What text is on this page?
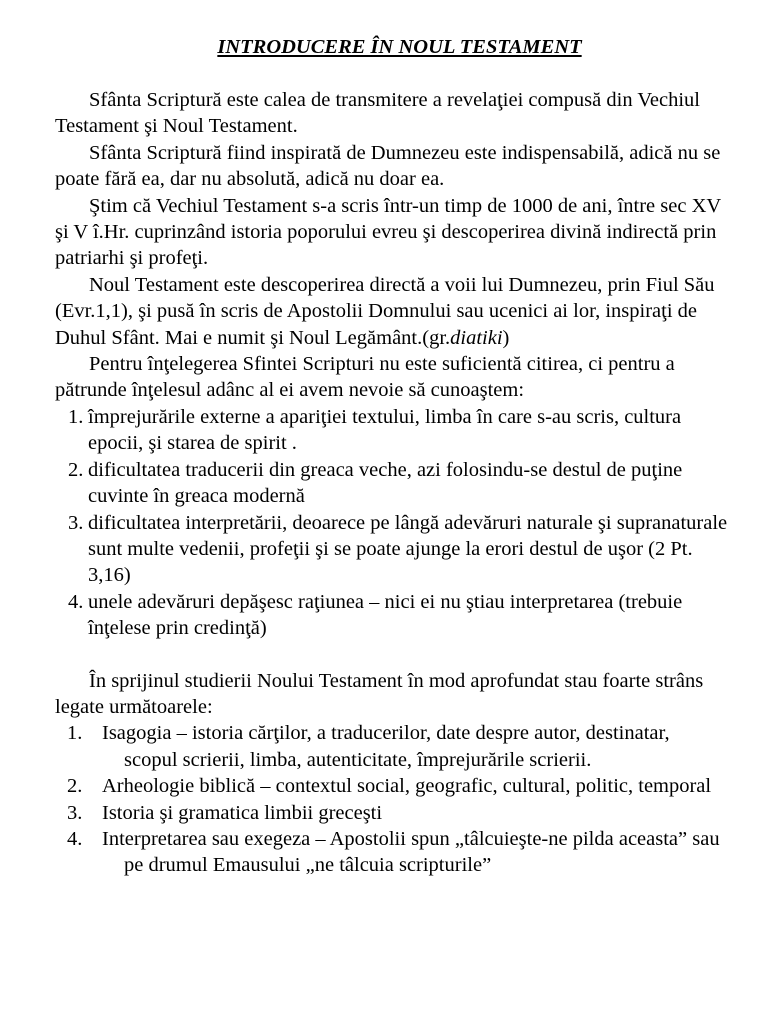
INTRODUCERE ÎN NOUL TESTAMENT

Sfânta Scriptură este calea de transmitere a revelaţiei compusă din Vechiul Testament şi Noul Testament.

Sfânta Scriptură fiind inspirată de Dumnezeu este indispensabilă, adică nu se poate fără ea, dar nu absolută, adică nu doar ea.

Ştim că Vechiul Testament s-a scris într-un timp de 1000 de ani, între sec XV şi V î.Hr. cuprinzând istoria poporului evreu şi descoperirea divină indirectă prin patriarhi şi profeţi.

Noul Testament este descoperirea directă a voii lui Dumnezeu, prin Fiul Său (Evr.1,1), şi pusă în scris de Apostolii Domnului sau ucenici ai lor, inspiraţi de Duhul Sfânt. Mai e numit şi Noul Legământ.(gr.diatiki)

Pentru înţelegerea Sfintei Scripturi nu este suficientă citirea, ci pentru a pătrunde înţelesul adânc al ei avem nevoie să cunoaştem:

1. împrejurările externe a apariţiei textului, limba în care s-au scris, cultura epocii, şi starea de spirit .
2. dificultatea traducerii din greaca veche, azi folosindu-se destul de puţine cuvinte în greaca modernă
3. dificultatea interpretării, deoarece pe lângă adevăruri naturale şi supranaturale sunt multe vedenii, profeţii şi se poate ajunge la erori destul de uşor (2 Pt. 3,16)
4. unele adevăruri depăşesc raţiunea – nici ei nu ştiau interpretarea (trebuie înţelese prin credinţă)

În sprijinul studierii Noului Testament în mod aprofundat stau foarte strâns legate următoarele:

1. Isagogia – istoria cărţilor, a traducerilor, date despre autor, destinatar, scopul scrierii, limba, autenticitate, împrejurările scrierii.
2. Arheologie biblică – contextul social, geografic, cultural, politic, temporal
3. Istoria şi gramatica limbii greceşti
4. Interpretarea sau exegeza – Apostolii spun „tâlcuieşte-ne pilda aceasta” sau pe drumul Emausului „ne tâlcuia scripturile”
